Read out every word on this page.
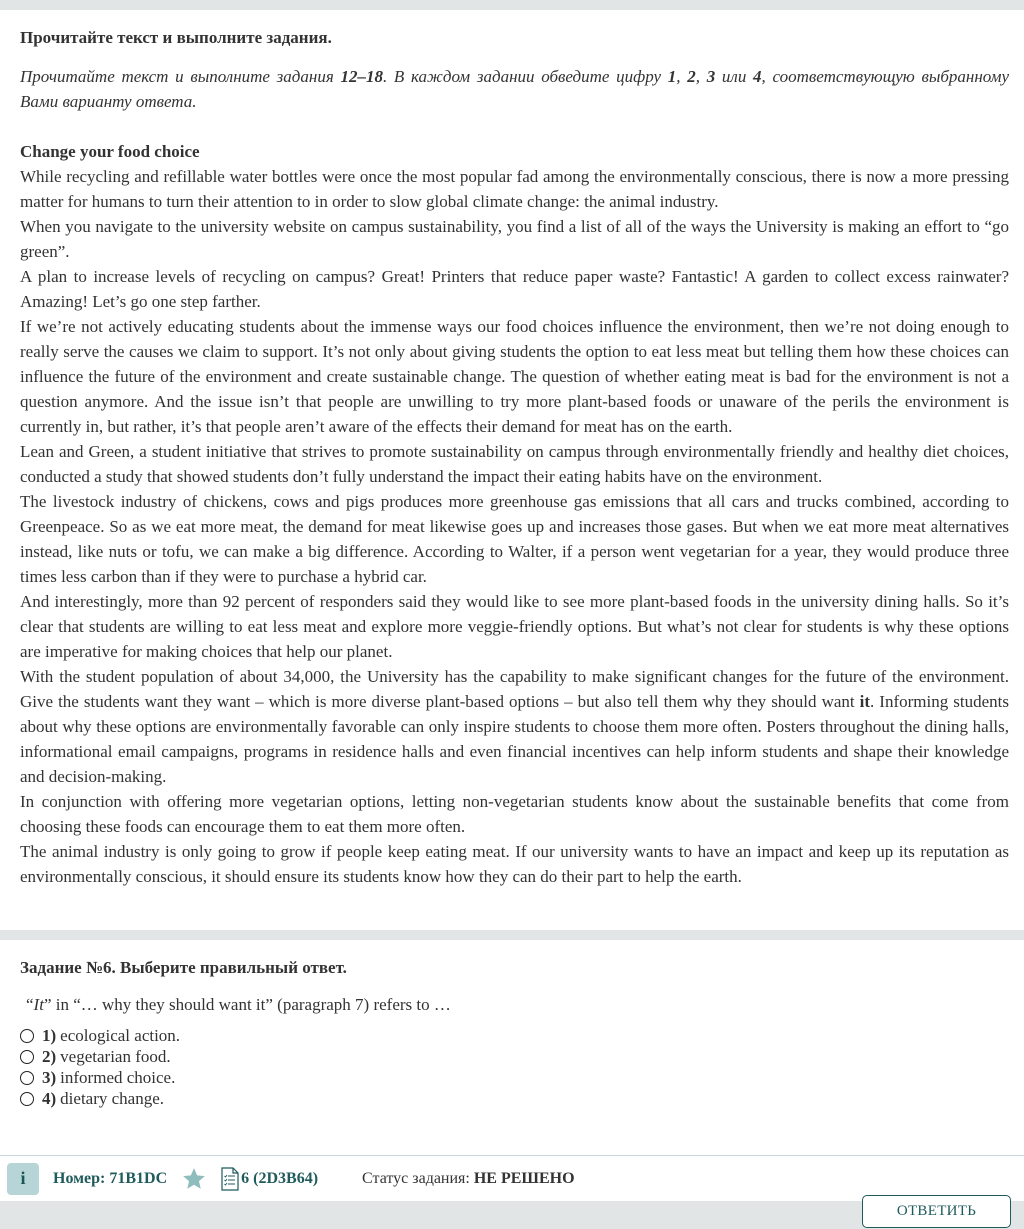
Прочитайте текст и выполните задания.
Прочитайте текст и выполните задания 12–18. В каждом задании обведите цифру 1, 2, 3 или 4, соответствующую выбранному Вами варианту ответа.
Change your food choice

While recycling and refillable water bottles were once the most popular fad among the environmentally conscious, there is now a more pressing matter for humans to turn their attention to in order to slow global climate change: the animal industry.

When you navigate to the university website on campus sustainability, you find a list of all of the ways the University is making an effort to “go green”.

A plan to increase levels of recycling on campus? Great! Printers that reduce paper waste? Fantastic! A garden to collect excess rainwater? Amazing! Let’s go one step farther.

If we’re not actively educating students about the immense ways our food choices influence the environment, then we’re not doing enough to really serve the causes we claim to support. It’s not only about giving students the option to eat less meat but telling them how these choices can influence the future of the environment and create sustainable change. The question of whether eating meat is bad for the environment is not a question anymore. And the issue isn’t that people are unwilling to try more plant-based foods or unaware of the perils the environment is currently in, but rather, it’s that people aren’t aware of the effects their demand for meat has on the earth.

Lean and Green, a student initiative that strives to promote sustainability on campus through environmentally friendly and healthy diet choices, conducted a study that showed students don’t fully understand the impact their eating habits have on the environment.

The livestock industry of chickens, cows and pigs produces more greenhouse gas emissions that all cars and trucks combined, according to Greenpeace. So as we eat more meat, the demand for meat likewise goes up and increases those gases. But when we eat more meat alternatives instead, like nuts or tofu, we can make a big difference. According to Walter, if a person went vegetarian for a year, they would produce three times less carbon than if they were to purchase a hybrid car.

And interestingly, more than 92 percent of responders said they would like to see more plant-based foods in the university dining halls. So it’s clear that students are willing to eat less meat and explore more veggie-friendly options. But what’s not clear for students is why these options are imperative for making choices that help our planet.

With the student population of about 34,000, the University has the capability to make significant changes for the future of the environment. Give the students want they want – which is more diverse plant-based options – but also tell them why they should want it. Informing students about why these options are environmentally favorable can only inspire students to choose them more often. Posters throughout the dining halls, informational email campaigns, programs in residence halls and even financial incentives can help inform students and shape their knowledge and decision-making.

In conjunction with offering more vegetarian options, letting non-vegetarian students know about the sustainable benefits that come from choosing these foods can encourage them to eat them more often.

The animal industry is only going to grow if people keep eating meat. If our university wants to have an impact and keep up its reputation as environmentally conscious, it should ensure its students know how they can do their part to help the earth.

Задание №6. Выберите правильный ответ.
“It” in “… why they should want it” (paragraph 7) refers to …
1) ecological action.
2) vegetarian food.
3) informed choice.
4) dietary change.
i Номер: 71B1DC	6 (2D3B64)	Статус задания: НЕ РЕШЕНО
ОТВЕТИТЬ
